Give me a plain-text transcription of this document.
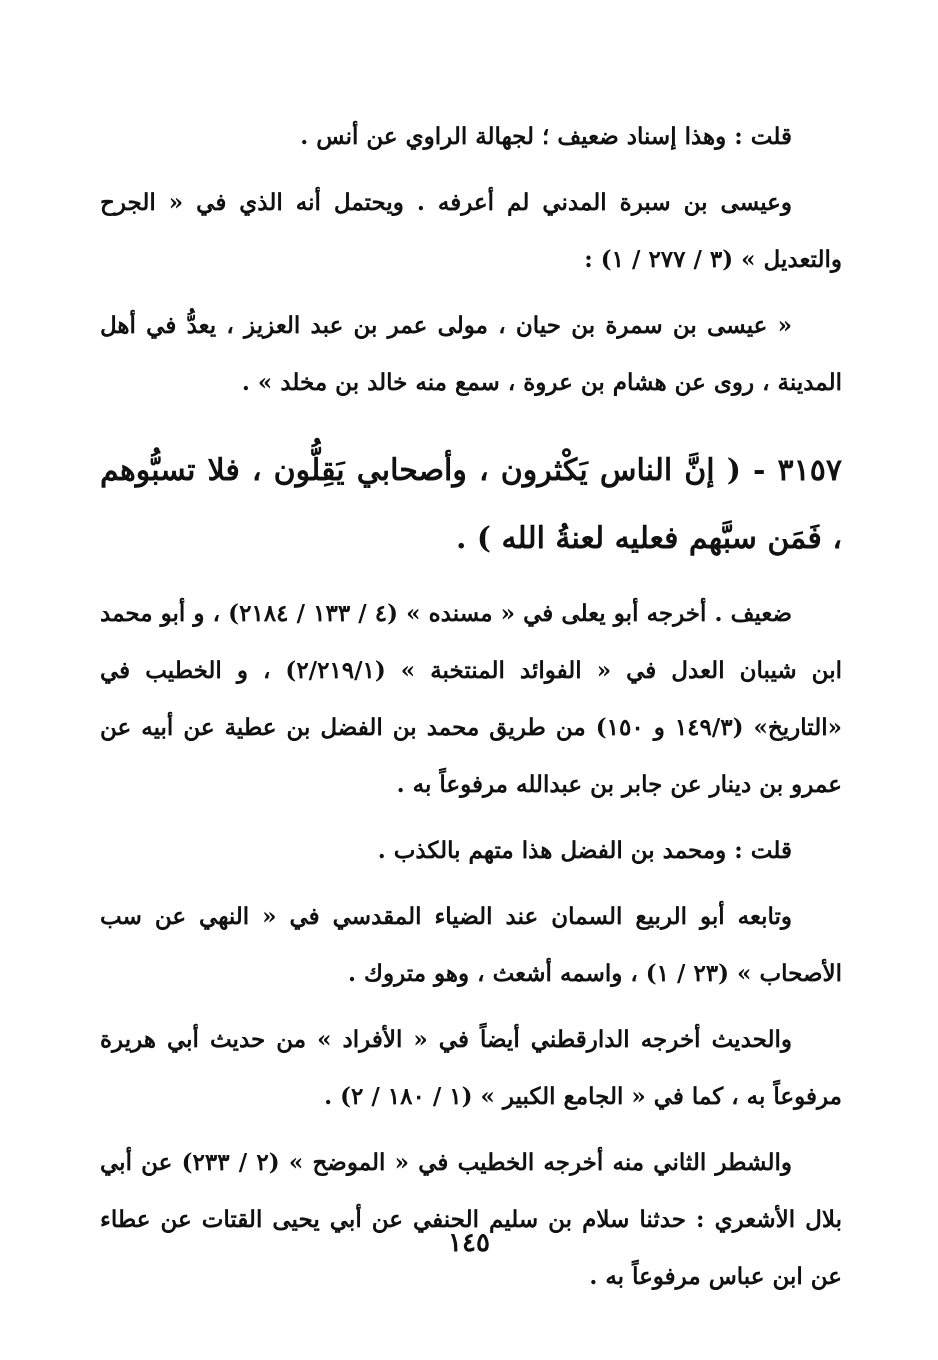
قلت : وهذا إسناد ضعيف ؛ لجهالة الراوي عن أنس .

وعيسى بن سبرة المدني لم أعرفه . ويحتمل أنه الذي في « الجرح والتعديل » (٣ / ٢٧٧ / ١) :

« عيسى بن سمرة بن حيان ، مولى عمر بن عبد العزيز ، يعدُّ في أهل المدينة ، روى عن هشام بن عروة ، سمع منه خالد بن مخلد » .

٣١٥٧ - ( إنَّ الناس يَكْثرون ، وأصحابي يَقِلُّون ، فلا تسبُّوهم ، فَمَن سبَّهم فعليه لعنةُ الله ) .

ضعيف . أخرجه أبو يعلى في « مسنده » (٤ / ١٣٣ / ٢١٨٤) ، و أبو محمد ابن شيبان العدل في « الفوائد المنتخبة » (٢/٢١٩/١) ، و الخطيب في «التاريخ» (١٤٩/٣ و ١٥٠) من طريق محمد بن الفضل بن عطية عن أبيه عن عمرو بن دينار عن جابر بن عبدالله مرفوعاً به .

قلت : ومحمد بن الفضل هذا متهم بالكذب .

وتابعه أبو الربيع السمان عند الضياء المقدسي في « النهي عن سب الأصحاب » (٢٣ / ١) ، واسمه أشعث ، وهو متروك .

والحديث أخرجه الدارقطني أيضاً في « الأفراد » من حديث أبي هريرة مرفوعاً به ، كما في « الجامع الكبير » (١ / ١٨٠ / ٢) .

والشطر الثاني منه أخرجه الخطيب في « الموضح » (٢ / ٢٣٣) عن أبي بلال الأشعري : حدثنا سلام بن سليم الحنفي عن أبي يحيى القتات عن عطاء عن ابن عباس مرفوعاً به .

١٤٥
